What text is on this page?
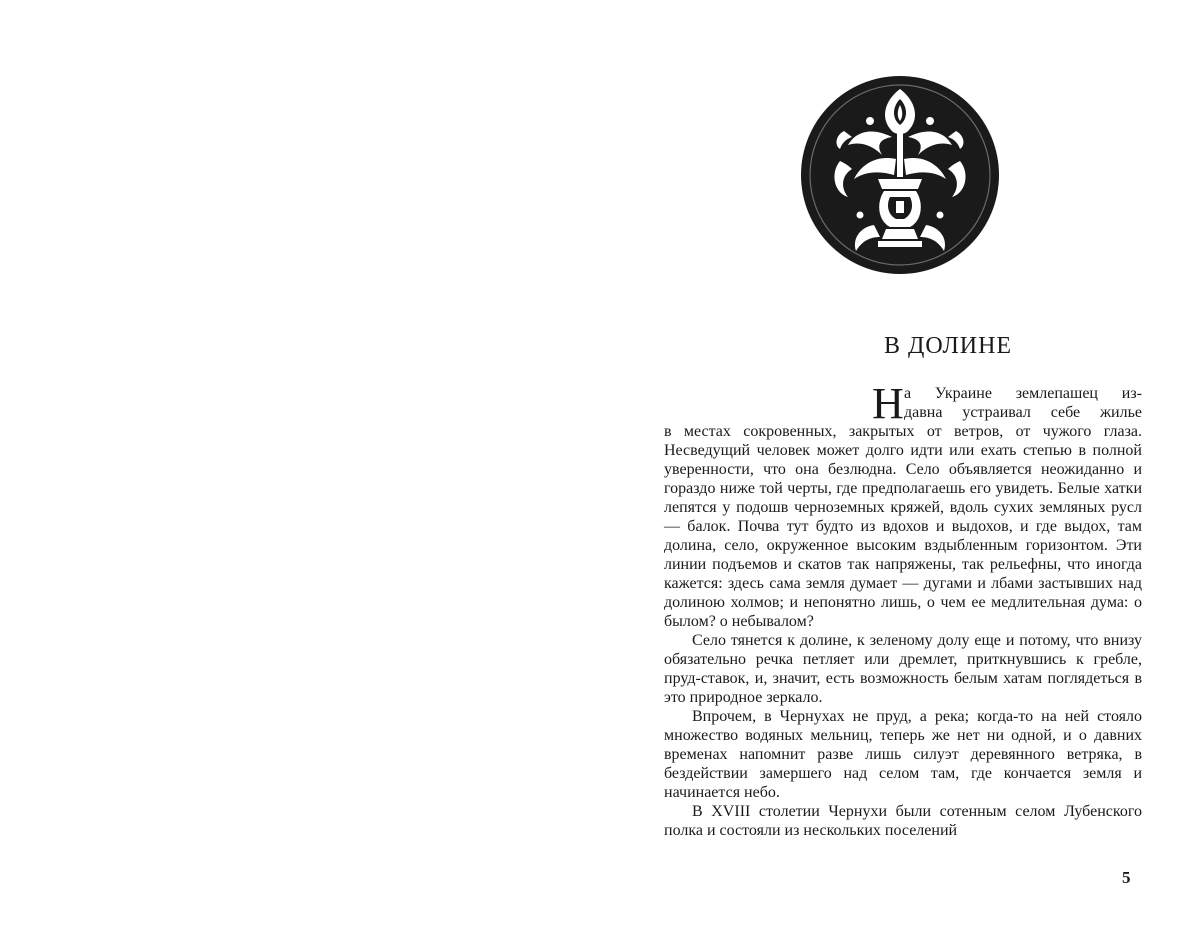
В ДОЛИНЕ
Н а Украине землепашец из-
давна устраивал себе жилье

в местах сокровенных, закрытых от ветров, от чужого глаза. Несведущий человек может долго идти или ехать степью в полной уверенности, что она безлюдна. Село объявляется неожиданно и гораздо ниже той черты, где предполагаешь его увидеть. Белые хатки лепятся у подошв черноземных кряжей, вдоль сухих земляных русл — балок. Почва тут будто из вдохов и выдохов, и где выдох, там долина, село, окруженное высоким вздыбленным горизонтом. Эти линии подъемов и скатов так напряжены, так рельефны, что иногда кажется: здесь сама земля думает — дугами и лбами застывших над долиною холмов; и непонятно лишь, о чем ее медлительная дума: о былом? о небывалом?

Село тянется к долине, к зеленому долу еще и потому, что внизу обязательно речка петляет или дремлет, приткнувшись к гребле, пруд-ставок, и, значит, есть возможность белым хатам поглядеться в это природное зеркало.

Впрочем, в Чернухах не пруд, а река; когда-то на ней стояло множество водяных мельниц, теперь же нет ни одной, и о давних временах напомнит разве лишь силуэт деревянного ветряка, в бездействии замершего над селом там, где кончается земля и начинается небо.

В XVIII столетии Чернухи были сотенным селом Лубенского полка и состояли из нескольких поселений

5
